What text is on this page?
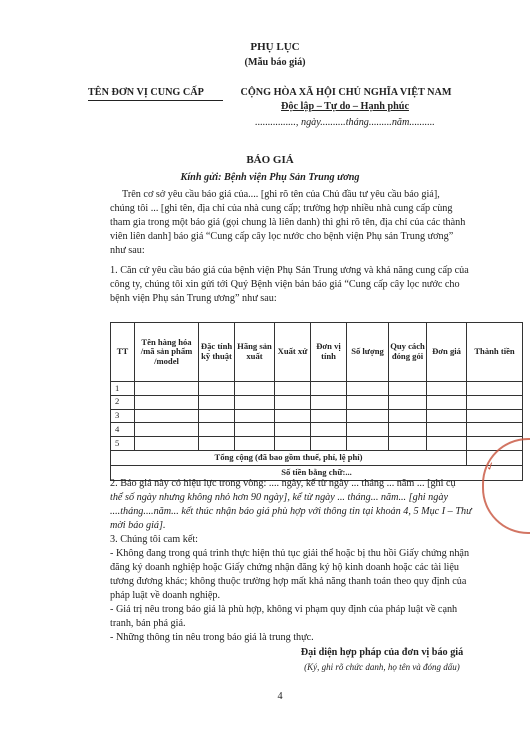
PHỤ LỤC
(Mẫu báo giá)
TÊN ĐƠN VỊ CUNG CẤP	CỘNG HÒA XÃ HỘI CHỦ NGHĨA VIỆT NAM
Độc lập – Tự do – Hạnh phúc
................, ngày..........tháng.........năm..........
BÁO GIÁ
Kính gửi: Bệnh viện Phụ Sản Trung ương
Trên cơ sở yêu cầu báo giá của.... [ghi rõ tên của Chủ đầu tư yêu cầu báo giá],
chúng tôi ... [ghi tên, địa chỉ của nhà cung cấp; trường hợp nhiều nhà cung cấp cùng
tham gia trong một báo giá (gọi chung là liên danh) thì ghi rõ tên, địa chỉ của các thành
viên liên danh] báo giá “Cung cấp cây lọc nước cho bệnh viện Phụ sản Trung ương”
như sau:
1. Căn cứ yêu cầu báo giá của bệnh viện Phụ Sản Trung ương và khả năng cung cấp của
công ty, chúng tôi xin gửi tới Quý Bệnh viện bản báo giá “Cung cấp cây lọc nước cho
bệnh viện Phụ sản Trung ương” như sau:
TT	Tên hàng hóa /mã sản phẩm /model	Đặc tính kỹ thuật	Hãng sản xuất	Xuất xứ	Đơn vị tính	Số lượng	Quy cách đóng gói	Đơn giá	Thành tiền
1									
2									
3									
4									
5									
Tổng cộng (đã bao gồm thuế, phí, lệ phí)									
Số tiền bằng chữ:...									
2. Báo giá này có hiệu lực trong vòng: .... ngày, kể từ ngày ... tháng ... năm ... [ghi cụ
thể số ngày nhưng không nhỏ hơn 90 ngày], kể từ ngày ... tháng... năm... [ghi ngày
....tháng....năm... kết thúc nhận báo giá phù hợp với thông tin tại khoản 4, 5 Mục I – Thư
mời báo giá].
3. Chúng tôi cam kết:
- Không đang trong quá trình thực hiện thủ tục giải thể hoặc bị thu hồi Giấy chứng nhận
đăng ký doanh nghiệp hoặc Giấy chứng nhận đăng ký hộ kinh doanh hoặc các tài liệu
tương đương khác; không thuộc trường hợp mất khả năng thanh toán theo quy định của
pháp luật về doanh nghiệp.
- Giá trị nêu trong báo giá là phù hợp, không vi phạm quy định của pháp luật về cạnh
tranh, bán phá giá.
- Những thông tin nêu trong báo giá là trung thực.
Đại diện hợp pháp của đơn vị báo giá
(Ký, ghi rõ chức danh, họ tên và đóng dấu)
4
✓
